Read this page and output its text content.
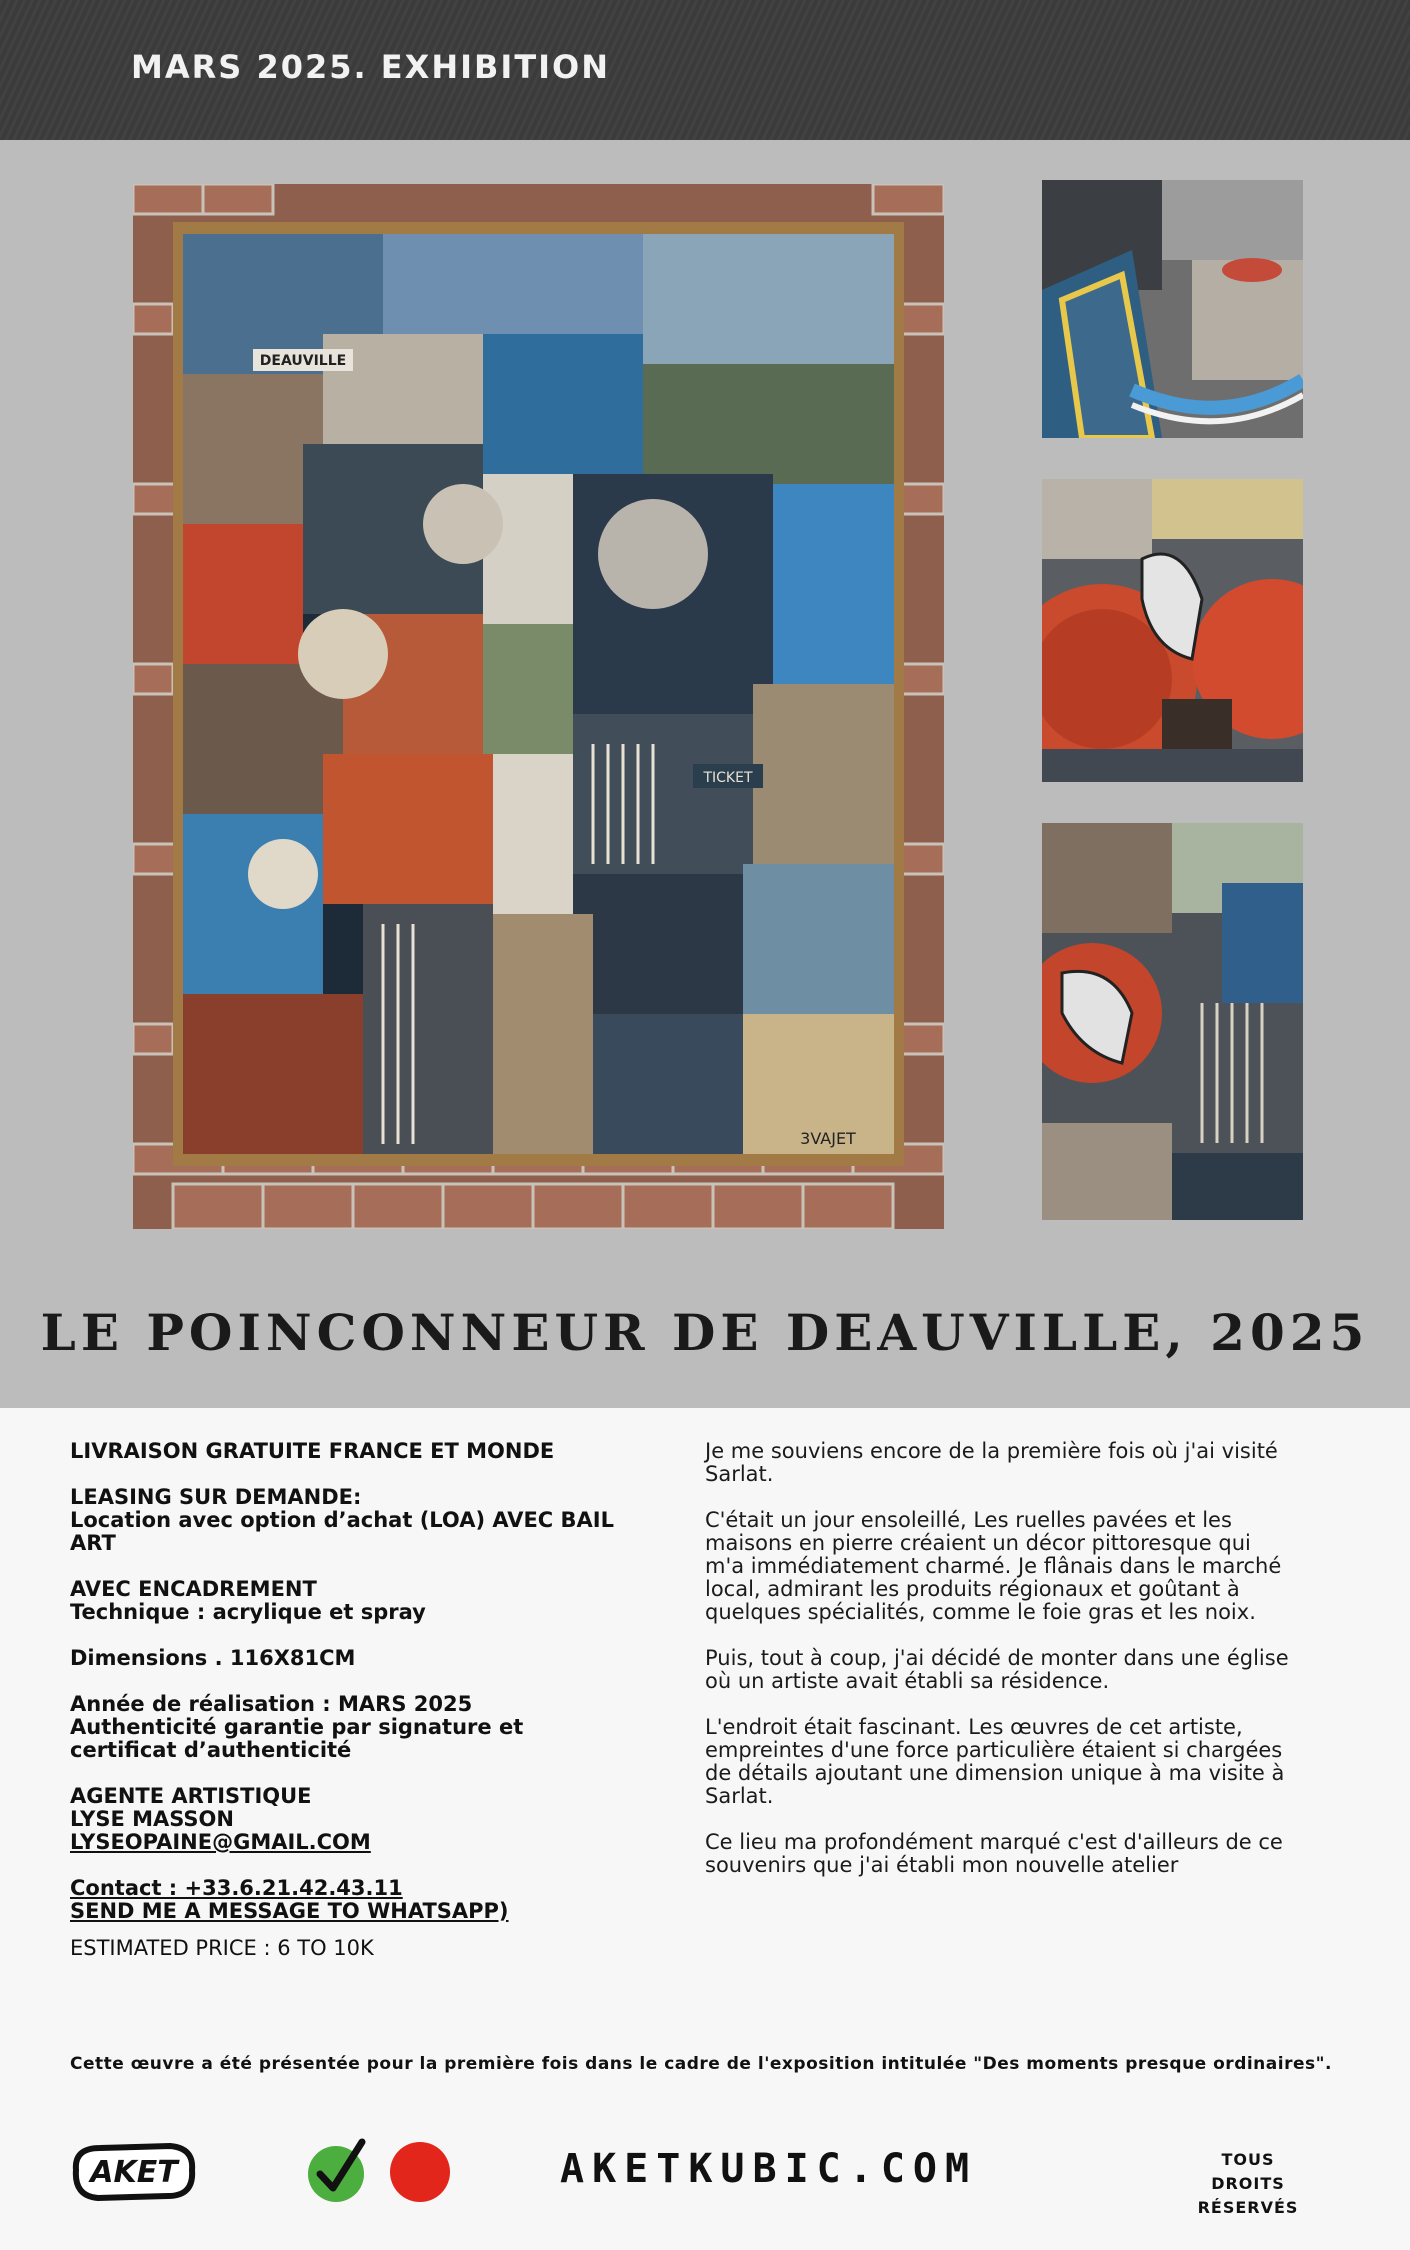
MARS 2025. EXHIBITION
DEAUVILLE
TICKET
3VAJET
LE POINCONNEUR DE DEAUVILLE, 2025
LIVRAISON GRATUITE FRANCE ET MONDE
LEASING SUR DEMANDE:
Location avec option d’achat (LOA) AVEC BAIL ART
AVEC ENCADREMENT
Technique : acrylique et spray
Dimensions . 116X81CM
Année de réalisation : MARS 2025
Authenticité garantie par signature et certificat d’authenticité
AGENTE ARTISTIQUE
LYSE MASSON
LYSEOPAINE@GMAIL.COM
Contact : +33.6.21.42.43.11
SEND ME A MESSAGE TO WHATSAPP)
ESTIMATED PRICE : 6 TO 10K

Je me souviens encore de la première fois où j'ai visité Sarlat.

C'était un jour ensoleillé, Les ruelles pavées et les maisons en pierre créaient un décor pittoresque qui m'a immédiatement charmé. Je flânais dans le marché local, admirant les produits régionaux et goûtant à quelques spécialités, comme le foie gras et les noix.

Puis, tout à coup, j'ai décidé de monter dans une église où un artiste avait établi sa résidence.

L'endroit était fascinant. Les œuvres de cet artiste, empreintes d'une force particulière étaient si chargées de détails ajoutant une dimension unique à ma visite à Sarlat.

Ce lieu ma profondément marqué c'est d'ailleurs de ce souvenirs que j'ai établi mon nouvelle atelier

Cette œuvre a été présentée pour la première fois dans le cadre de l'exposition intitulée "Des moments presque ordinaires".
AKET	AKETKUBIC.COM	TOUS
DROITS
RÉSERVÉS
